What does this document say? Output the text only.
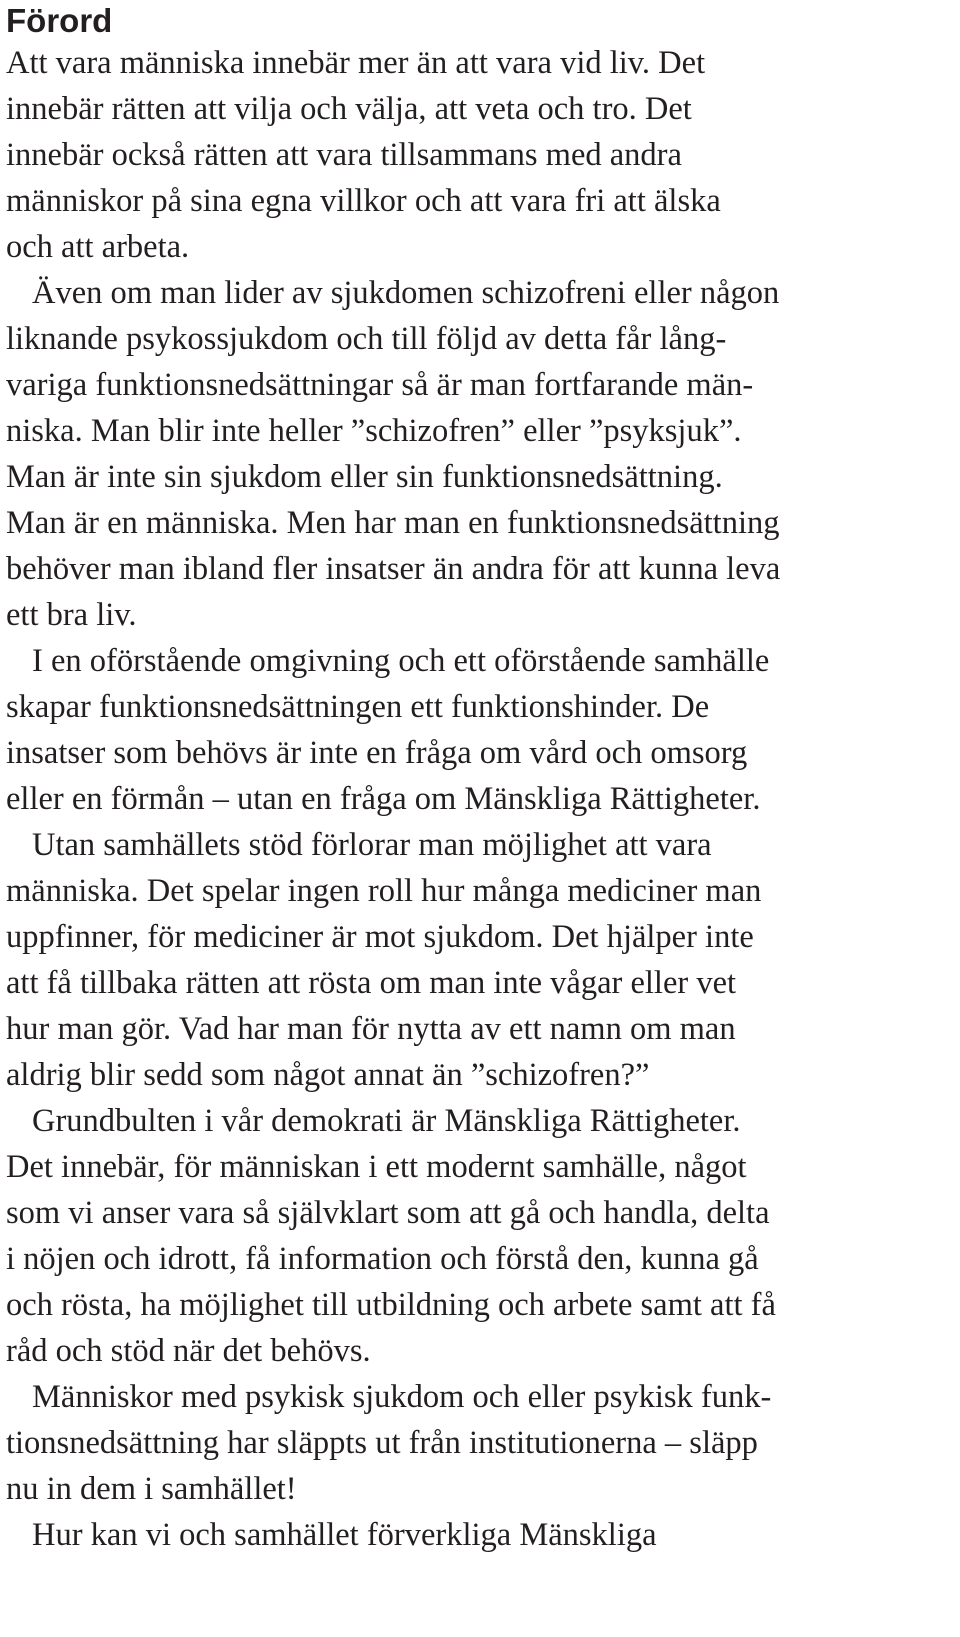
Förord
Att vara människa innebär mer än att vara vid liv. Det
innebär rätten att vilja och välja, att veta och tro. Det
innebär också rätten att vara tillsammans med andra
människor på sina egna villkor och att vara fri att älska
och att arbeta.
Även om man lider av sjukdomen schizofreni eller någon
liknande psykossjukdom och till följd av detta får lång-
variga funktionsnedsättningar så är man fortfarande män-
niska. Man blir inte heller ”schizofren” eller ”psyksjuk”.
Man är inte sin sjukdom eller sin funktionsnedsättning.
Man är en människa. Men har man en funktionsnedsättning
behöver man ibland fler insatser än andra för att kunna leva
ett bra liv.
I en oförstående omgivning och ett oförstående samhälle
skapar funktionsnedsättningen ett funktionshinder. De
insatser som behövs är inte en fråga om vård och omsorg
eller en förmån – utan en fråga om Mänskliga Rättigheter.
Utan samhällets stöd förlorar man möjlighet att vara
människa. Det spelar ingen roll hur många mediciner man
uppfinner, för mediciner är mot sjukdom. Det hjälper inte
att få tillbaka rätten att rösta om man inte vågar eller vet
hur man gör. Vad har man för nytta av ett namn om man
aldrig blir sedd som något annat än ”schizofren?”
Grundbulten i vår demokrati är Mänskliga Rättigheter.
Det innebär, för människan i ett modernt samhälle, något
som vi anser vara så självklart som att gå och handla, delta
i nöjen och idrott, få information och förstå den, kunna gå
och rösta, ha möjlighet till utbildning och arbete samt att få
råd och stöd när det behövs.
Människor med psykisk sjukdom och eller psykisk funk-
tionsnedsättning har släppts ut från institutionerna – släpp
nu in dem i samhället!
Hur kan vi och samhället förverkliga Mänskliga
